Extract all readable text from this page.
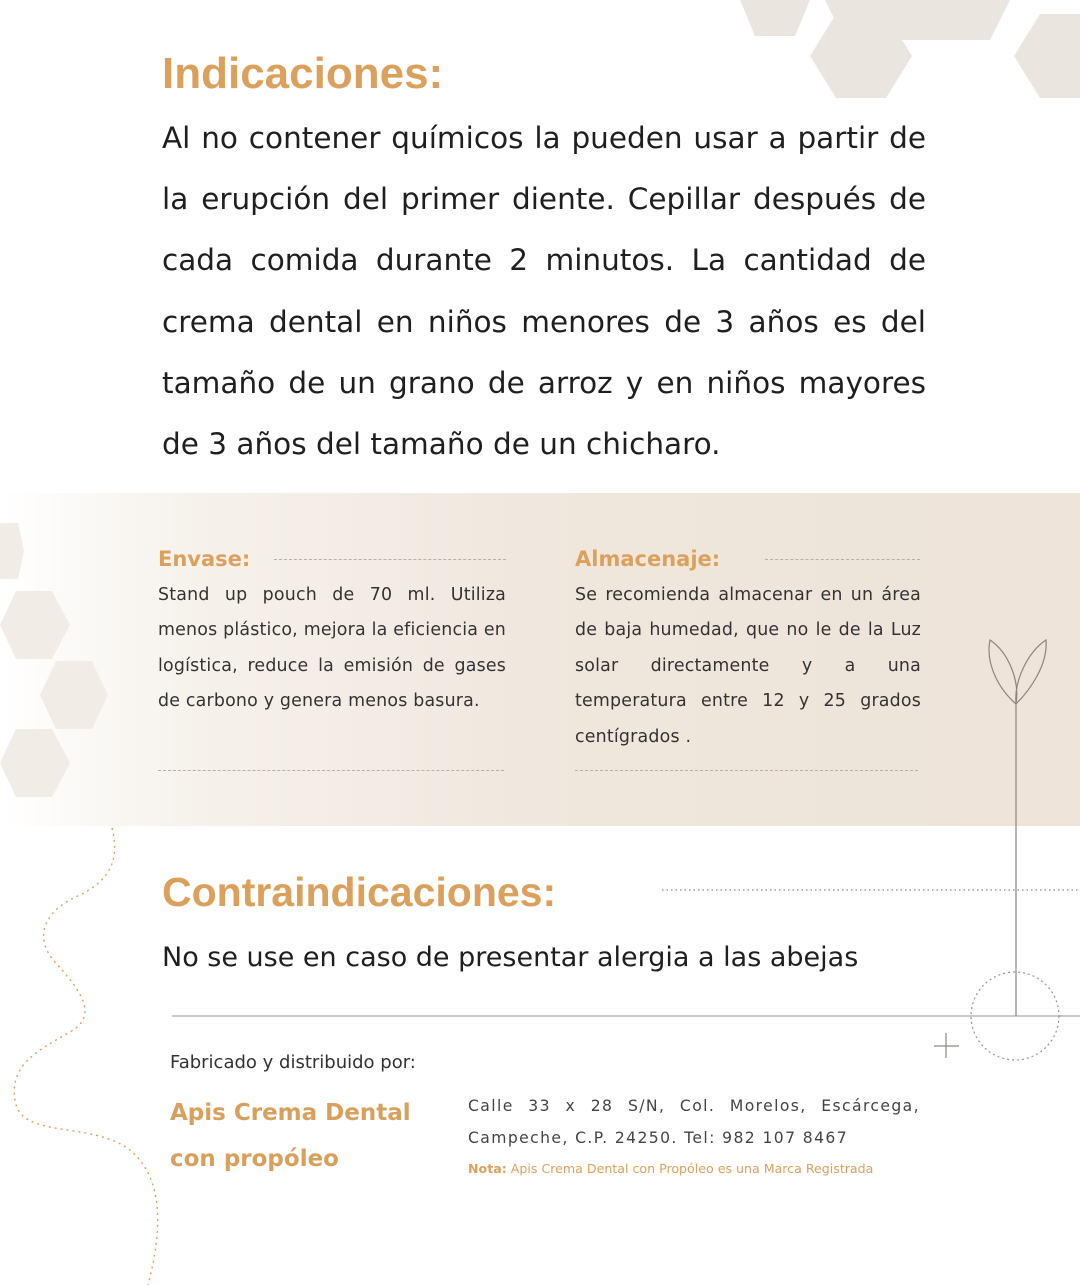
Indicaciones:
Al no contener químicos la pueden usar a partir de la erupción del primer diente. Cepillar después de cada comida durante 2 minutos. La cantidad de crema dental en niños menores de 3 años es del tamaño de un grano de arroz y en niños mayores de 3 años del tamaño de un chicharo.
Envase:
Stand up pouch de 70 ml. Utiliza menos plástico, mejora la eficiencia en logística, reduce la emisión de gases de carbono y genera menos basura.
Almacenaje:
Se recomienda almacenar en un área de baja humedad, que no le de la Luz solar directamente y a una temperatura entre 12 y 25 grados centígrados .
Contraindicaciones:
No se use en caso de presentar alergia a las abejas
Fabricado y distribuido por:
Apis Crema Dental con propóleo
Calle 33 x 28 S/N, Col. Morelos, Escárcega, Campeche, C.P. 24250. Tel: 982 107 8467
Nota: Apis Crema Dental con Propóleo es una Marca Registrada
